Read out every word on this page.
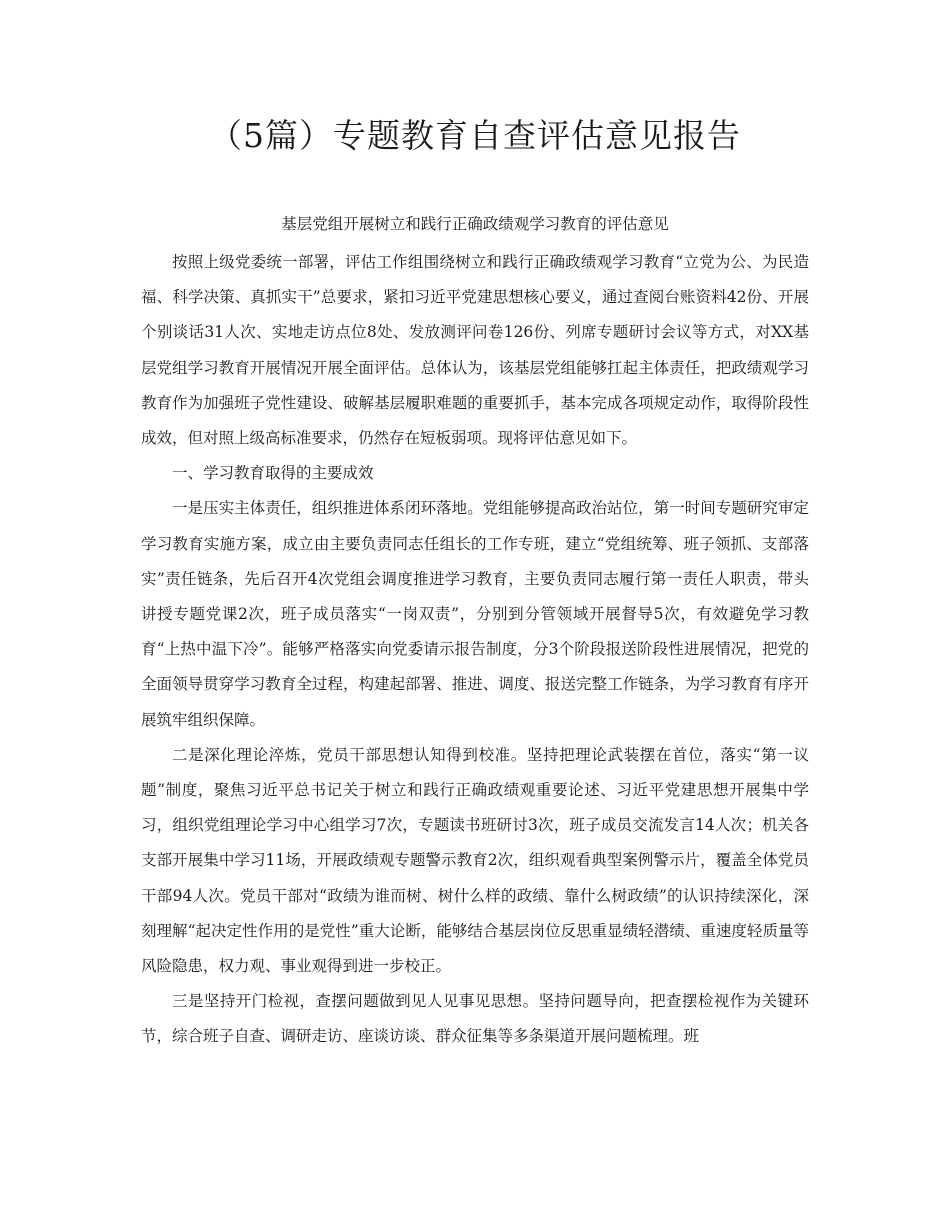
（5篇）专题教育自查评估意见报告
基层党组开展树立和践行正确政绩观学习教育的评估意见

按照上级党委统一部署，评估工作组围绕树立和践行正确政绩观学习教育“立党为公、为民造福、科学决策、真抓实干”总要求，紧扣习近平党建思想核心要义，通过查阅台账资料42份、开展个别谈话31人次、实地走访点位8处、发放测评问卷126份、列席专题研讨会议等方式，对XX基层党组学习教育开展情况开展全面评估。总体认为，该基层党组能够扛起主体责任，把政绩观学习教育作为加强班子党性建设、破解基层履职难题的重要抓手，基本完成各项规定动作，取得阶段性成效，但对照上级高标准要求，仍然存在短板弱项。现将评估意见如下。

一、学习教育取得的主要成效

一是压实主体责任，组织推进体系闭环落地。党组能够提高政治站位，第一时间专题研究审定学习教育实施方案，成立由主要负责同志任组长的工作专班，建立“党组统筹、班子领抓、支部落实”责任链条，先后召开4次党组会调度推进学习教育，主要负责同志履行第一责任人职责，带头讲授专题党课2次，班子成员落实“一岗双责”，分别到分管领域开展督导5次，有效避免学习教育“上热中温下冷”。能够严格落实向党委请示报告制度，分3个阶段报送阶段性进展情况，把党的全面领导贯穿学习教育全过程，构建起部署、推进、调度、报送完整工作链条，为学习教育有序开展筑牢组织保障。

二是深化理论淬炼，党员干部思想认知得到校准。坚持把理论武装摆在首位，落实“第一议题”制度，聚焦习近平总书记关于树立和践行正确政绩观重要论述、习近平党建思想开展集中学习，组织党组理论学习中心组学习7次，专题读书班研讨3次，班子成员交流发言14人次；机关各支部开展集中学习11场，开展政绩观专题警示教育2次，组织观看典型案例警示片，覆盖全体党员干部94人次。党员干部对“政绩为谁而树、树什么样的政绩、靠什么树政绩”的认识持续深化，深刻理解“起决定性作用的是党性”重大论断，能够结合基层岗位反思重显绩轻潜绩、重速度轻质量等风险隐患，权力观、事业观得到进一步校正。

三是坚持开门检视，查摆问题做到见人见事见思想。坚持问题导向，把查摆检视作为关键环节，综合班子自查、调研走访、座谈访谈、群众征集等多条渠道开展问题梳理。班
